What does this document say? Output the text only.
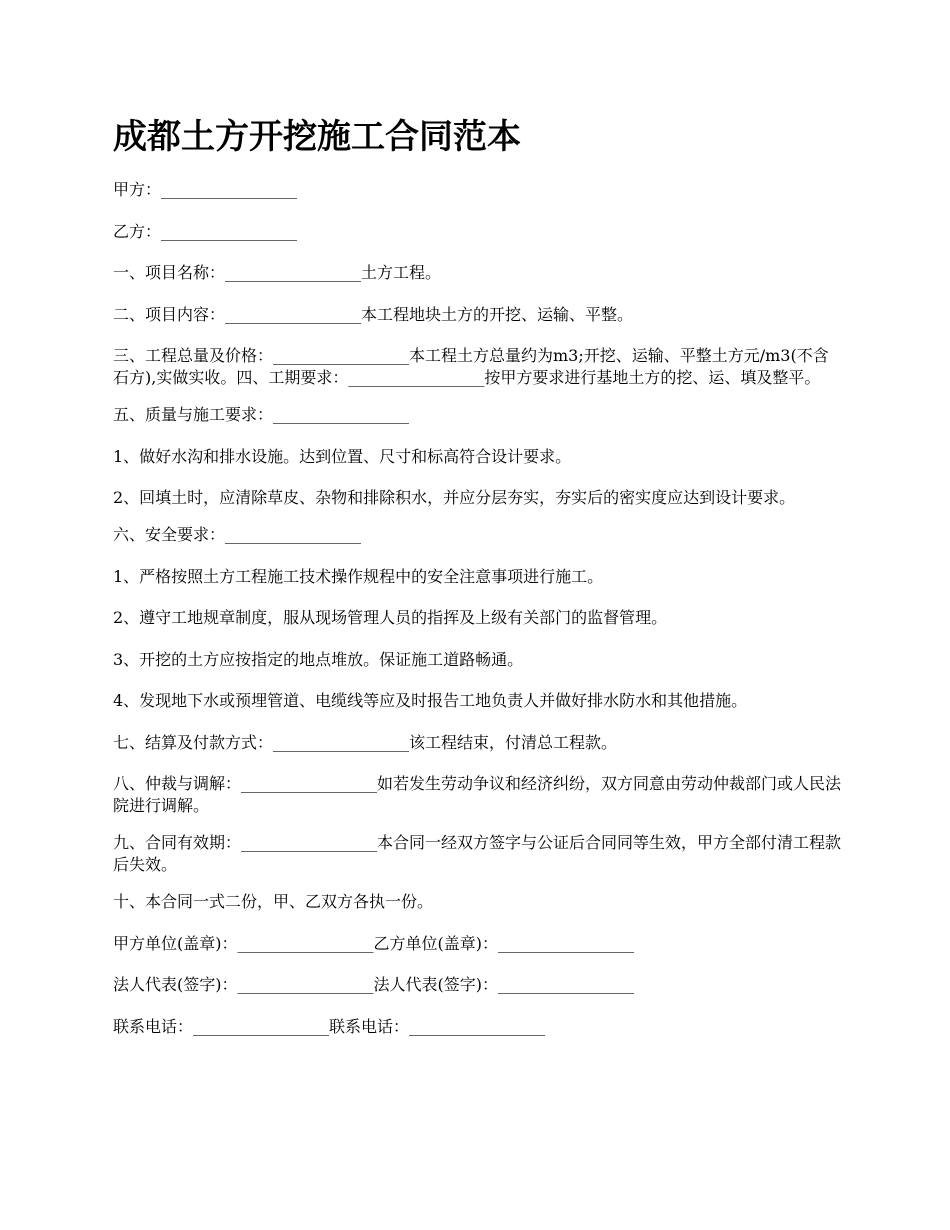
成都土方开挖施工合同范本

甲方：_________________

乙方：_________________

一、项目名称：_________________土方工程。

二、项目内容：_________________本工程地块土方的开挖、运输、平整。

三、工程总量及价格：_________________本工程土方总量约为m3;开挖、运输、平整土方元/m3(不含石方),实做实收。四、工期要求：_________________按甲方要求进行基地土方的挖、运、填及整平。

五、质量与施工要求：_________________

1、做好水沟和排水设施。达到位置、尺寸和标高符合设计要求。

2、回填土时，应清除草皮、杂物和排除积水，并应分层夯实，夯实后的密实度应达到设计要求。

六、安全要求：_________________

1、严格按照土方工程施工技术操作规程中的安全注意事项进行施工。

2、遵守工地规章制度，服从现场管理人员的指挥及上级有关部门的监督管理。

3、开挖的土方应按指定的地点堆放。保证施工道路畅通。

4、发现地下水或预埋管道、电缆线等应及时报告工地负责人并做好排水防水和其他措施。

七、结算及付款方式：_________________该工程结束，付清总工程款。

八、仲裁与调解：_________________如若发生劳动争议和经济纠纷，双方同意由劳动仲裁部门或人民法院进行调解。

九、合同有效期：_________________本合同一经双方签字与公证后合同同等生效，甲方全部付清工程款后失效。

十、本合同一式二份，甲、乙双方各执一份。

甲方单位(盖章)：_________________乙方单位(盖章)：_________________

法人代表(签字)：_________________法人代表(签字)：_________________

联系电话：_________________联系电话：_________________
